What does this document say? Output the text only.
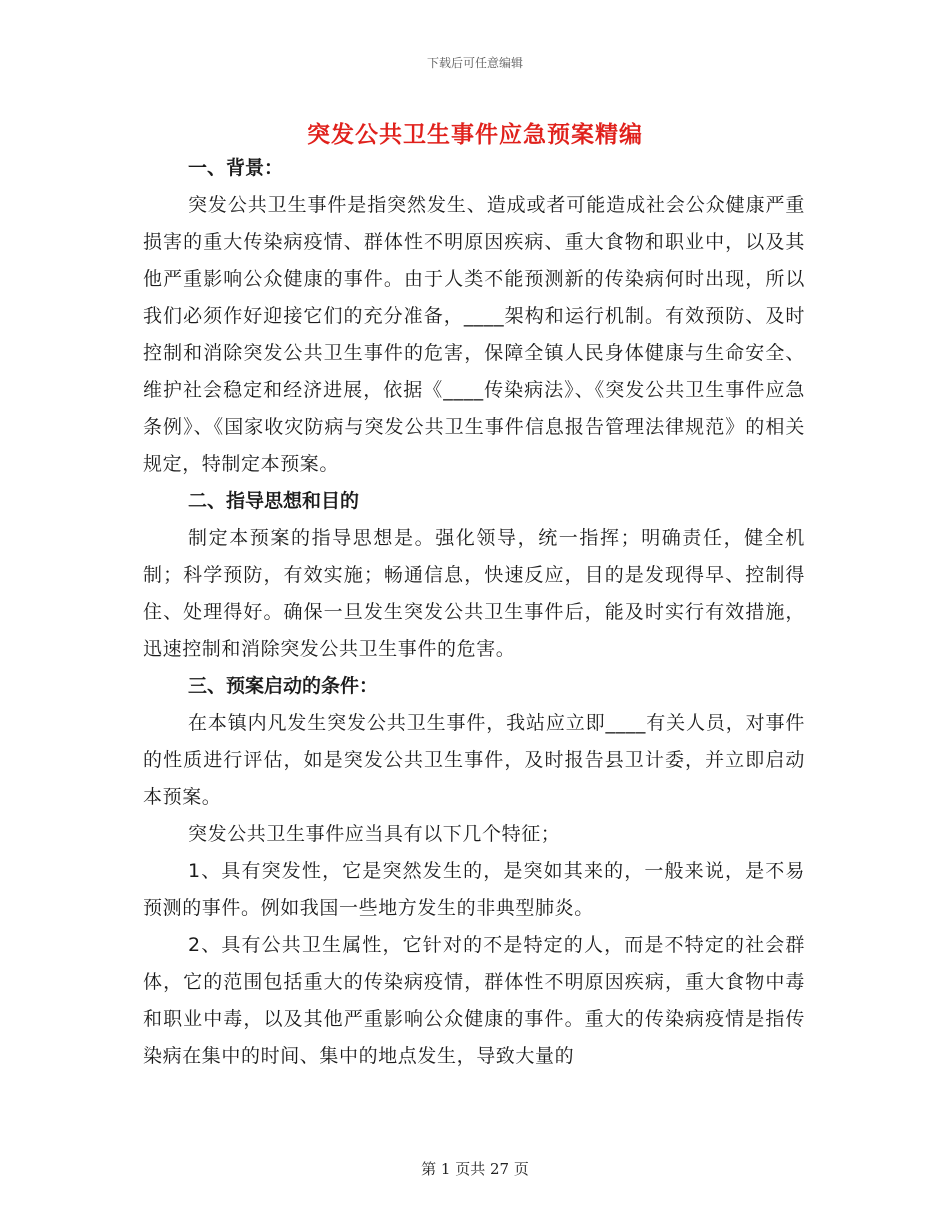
下载后可任意编辑
突发公共卫生事件应急预案精编

一、背景：

突发公共卫生事件是指突然发生、造成或者可能造成社会公众健康严重损害的重大传染病疫情、群体性不明原因疾病、重大食物和职业中，以及其他严重影响公众健康的事件。由于人类不能预测新的传染病何时出现，所以我们必须作好迎接它们的充分准备，____架构和运行机制。有效预防、及时控制和消除突发公共卫生事件的危害，保障全镇人民身体健康与生命安全、维护社会稳定和经济进展，依据《____传染病法》、《突发公共卫生事件应急条例》、《国家收灾防病与突发公共卫生事件信息报告管理法律规范》的相关规定，特制定本预案。

二、指导思想和目的

制定本预案的指导思想是。强化领导，统一指挥；明确责任，健全机制；科学预防，有效实施；畅通信息，快速反应，目的是发现得早、控制得住、处理得好。确保一旦发生突发公共卫生事件后，能及时实行有效措施，迅速控制和消除突发公共卫生事件的危害。

三、预案启动的条件：

在本镇内凡发生突发公共卫生事件，我站应立即____有关人员，对事件的性质进行评估，如是突发公共卫生事件，及时报告县卫计委，并立即启动本预案。

突发公共卫生事件应当具有以下几个特征；

1、具有突发性，它是突然发生的，是突如其来的，一般来说，是不易预测的事件。例如我国一些地方发生的非典型肺炎。

2、具有公共卫生属性，它针对的不是特定的人，而是不特定的社会群体，它的范围包括重大的传染病疫情，群体性不明原因疾病，重大食物中毒和职业中毒，以及其他严重影响公众健康的事件。重大的传染病疫情是指传染病在集中的时间、集中的地点发生，导致大量的

第 1 页共 27 页
